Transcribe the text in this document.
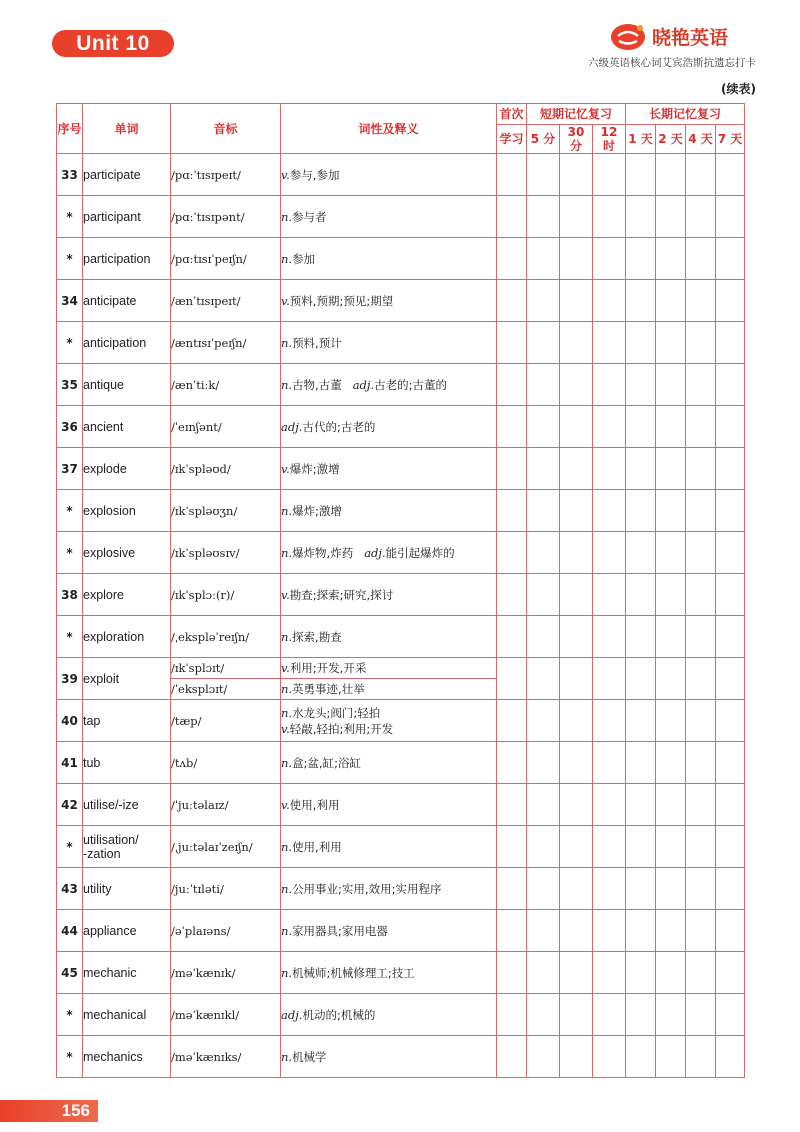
Unit 10	晓艳英语
六级英语核心词艾宾浩斯抗遗忘打卡
(续表)
序号	单词	音标	词性及释义	首次	短期记忆复习			长期记忆复习			
				学习	5 分	30 分	12 时	1 天	2 天	4 天	7 天
33	participate	/pɑːˈtɪsɪpeɪt/	v.参与,参加								
*	participant	/pɑːˈtɪsɪpənt/	n.参与者								
*	participation	/pɑːtɪsɪˈpeɪʃn/	n.参加								
34	anticipate	/ænˈtɪsɪpeɪt/	v.预料,预期;预见;期望								
*	anticipation	/æntɪsɪˈpeɪʃn/	n.预料,预计								
35	antique	/ænˈtiːk/	n.古物,古董 adj.古老的;古董的								
36	ancient	/ˈeɪnʃənt/	adj.古代的;古老的								
37	explode	/ɪkˈspləʊd/	v.爆炸;激增								
*	explosion	/ɪkˈspləʊʒn/	n.爆炸;激增								
*	explosive	/ɪkˈspləʊsɪv/	n.爆炸物,炸药 adj.能引起爆炸的								
38	explore	/ɪkˈsplɔː(r)/	v.勘查;探索;研究,探讨								
*	exploration	/ˌekspləˈreɪʃn/	n.探索,勘查								
39	exploit	/ɪkˈsplɔɪt/	v.利用;开发,开采								
		/ˈeksplɔɪt/	n.英勇事迹,壮举								
40	tap	/tæp/	n.水龙头;阀门;轻拍
v.轻敲,轻拍;利用;开发								

41	tub	/tʌb/	n.盒;盆,缸;浴缸								
42	utilise/-ize	/ˈjuːtəlaɪz/	v.使用,利用								
*	utilisation/
-zation	/ˌjuːtəlaɪˈzeɪʃn/	n.使用,利用								
43	utility	/juːˈtɪləti/	n.公用事业;实用,效用;实用程序								
44	appliance	/əˈplaɪəns/	n.家用器具;家用电器								
45	mechanic	/məˈkænɪk/	n.机械师;机械修理工;技工								
*	mechanical	/məˈkænɪkl/	adj.机动的;机械的								
*	mechanics	/məˈkænɪks/	n.机械学								
156
